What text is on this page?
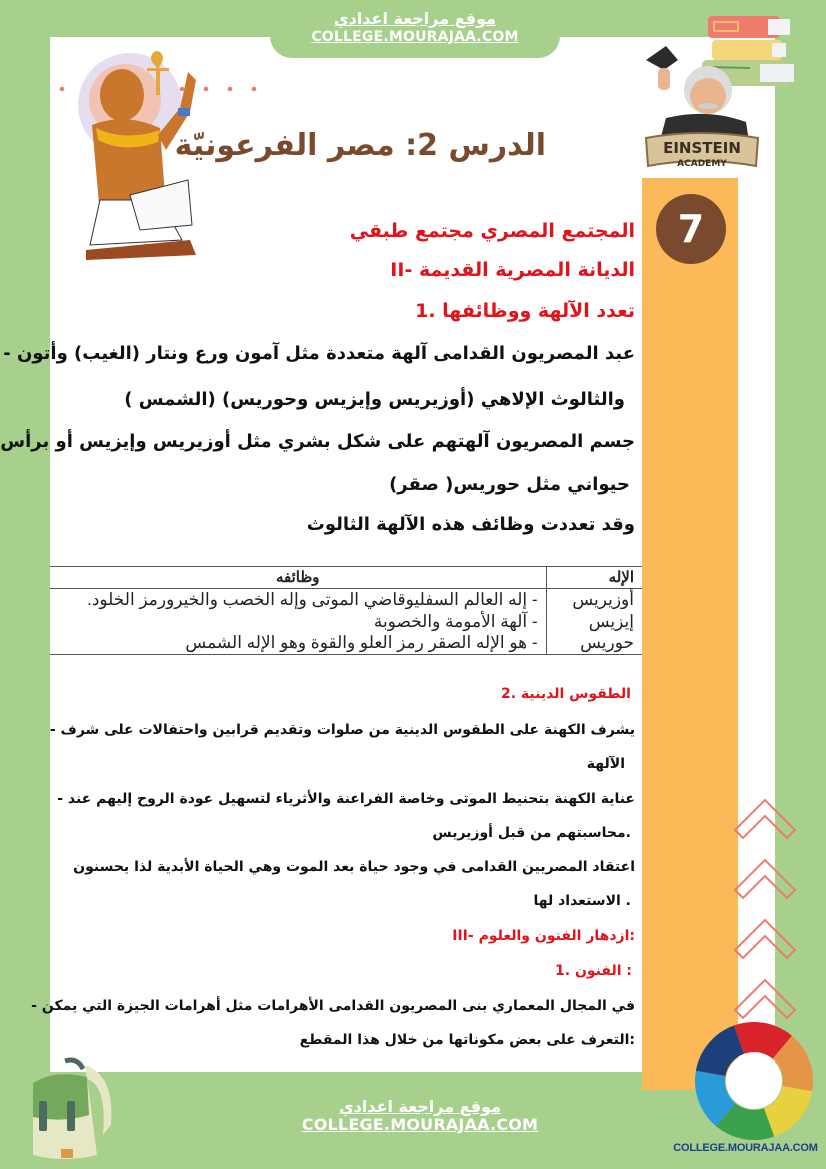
موقع مراجعة اعدادي
COLLEGE.MOURAJAA.COM
7
EINSTEIN
ACADEMY
الدرس 2: مصر الفرعونيّة
المجتمع المصري مجتمع طبقي
الديانة المصرية القديمة -II
تعدد الآلهة ووظائفها .1
عبد المصريون القدامى آلهة متعددة مثل آمون ورع ونتار (الغيب) وأتون -
والثالوث الإلاهي (أوزيريس وإيزيس وحوريس) (الشمس )
جسم المصريون آلهتهم على شكل بشري مثل أوزيريس وإيزيس أو برأس
حيواني مثل حوريس( صقر)
وقد تعددت وظائف هذه الآلهة الثالوث
الإله	وظائفه
أوزيريس	- إله العالم السفليوقاضي الموتى وإله الخصب والخيرورمز الخلود.
إيزيس	- آلهة الأمومة والخصوبة
حوريس	- هو الإله الصقر رمز العلو والقوة وهو الإله الشمس
الطقوس الدينية .2
يشرف الكهنة على الطقوس الدينية من صلوات وتقديم قرابين واحتفالات على شرف -
الآلهة
عناية الكهنة بتحنيط الموتى وخاصة الفراعنة والأثرياء لتسهيل عودة الروح إليهم عند -
.محاسبتهم من قبل أوزيريس
اعتقاد المصريين القدامى في وجود حياة بعد الموت وهي الحياة الأبدية لذا يحسنون
. الاستعداد لها
:ازدهار الفنون والعلوم -III
: الفنون .1
في المجال المعماري بنى المصريون القدامى الأهرامات مثل أهرامات الجيزة التي يمكن -
:التعرف على بعض مكوناتها من خلال هذا المقطع
COLLEGE.MOURAJAA.COM
موقع مراجعة اعدادي
COLLEGE.MOURAJAA.COM
